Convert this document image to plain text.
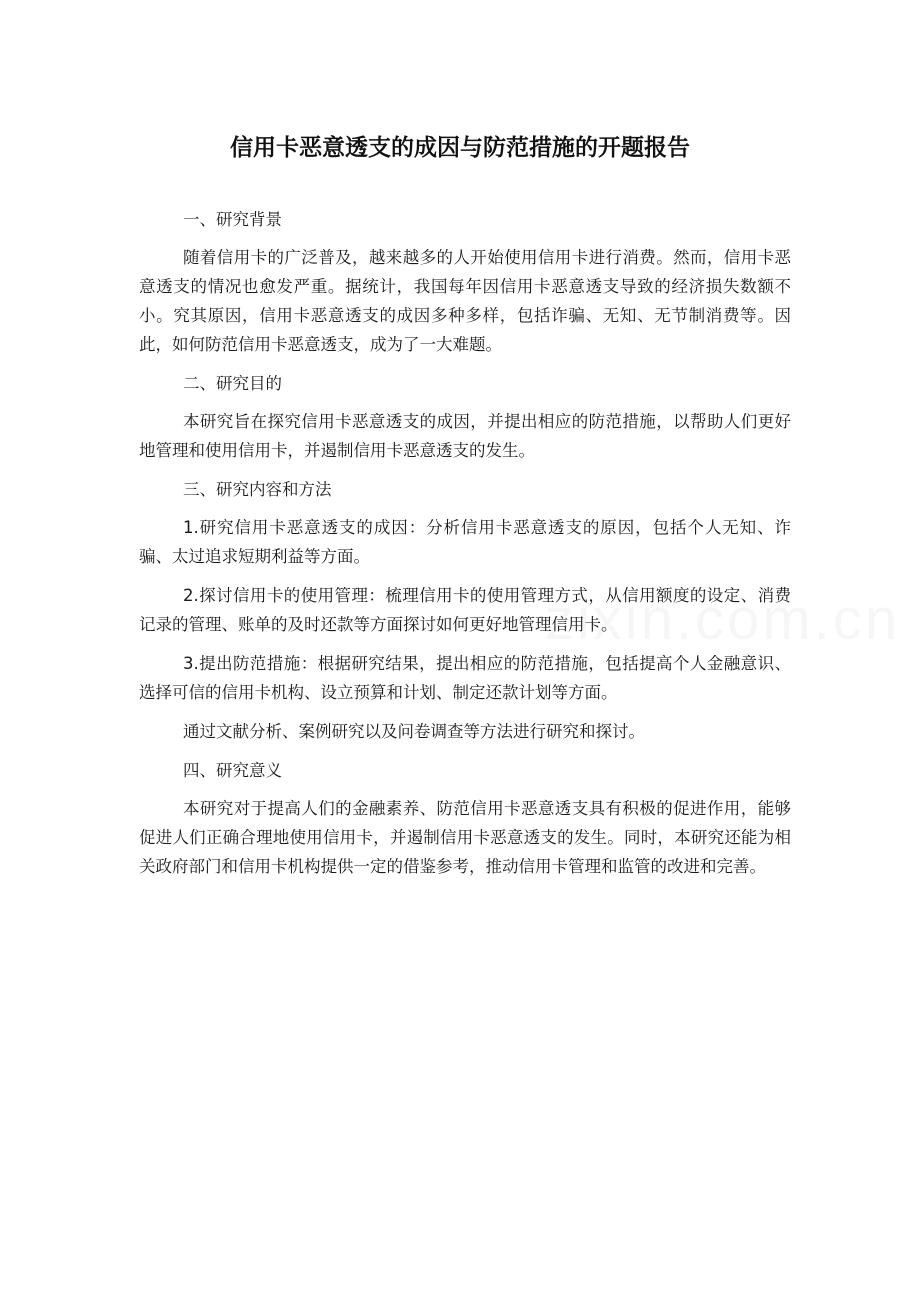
信用卡恶意透支的成因与防范措施的开题报告

一、研究背景

随着信用卡的广泛普及，越来越多的人开始使用信用卡进行消费。然而，信用卡恶意透支的情况也愈发严重。据统计，我国每年因信用卡恶意透支导致的经济损失数额不小。究其原因，信用卡恶意透支的成因多种多样，包括诈骗、无知、无节制消费等。因此，如何防范信用卡恶意透支，成为了一大难题。

二、研究目的

本研究旨在探究信用卡恶意透支的成因，并提出相应的防范措施，以帮助人们更好地管理和使用信用卡，并遏制信用卡恶意透支的发生。

三、研究内容和方法

1.研究信用卡恶意透支的成因：分析信用卡恶意透支的原因，包括个人无知、诈骗、太过追求短期利益等方面。

2.探讨信用卡的使用管理：梳理信用卡的使用管理方式，从信用额度的设定、消费记录的管理、账单的及时还款等方面探讨如何更好地管理信用卡。

3.提出防范措施：根据研究结果，提出相应的防范措施，包括提高个人金融意识、选择可信的信用卡机构、设立预算和计划、制定还款计划等方面。

通过文献分析、案例研究以及问卷调查等方法进行研究和探讨。

四、研究意义

本研究对于提高人们的金融素养、防范信用卡恶意透支具有积极的促进作用，能够促进人们正确合理地使用信用卡，并遏制信用卡恶意透支的发生。同时，本研究还能为相关政府部门和信用卡机构提供一定的借鉴参考，推动信用卡管理和监管的改进和完善。
